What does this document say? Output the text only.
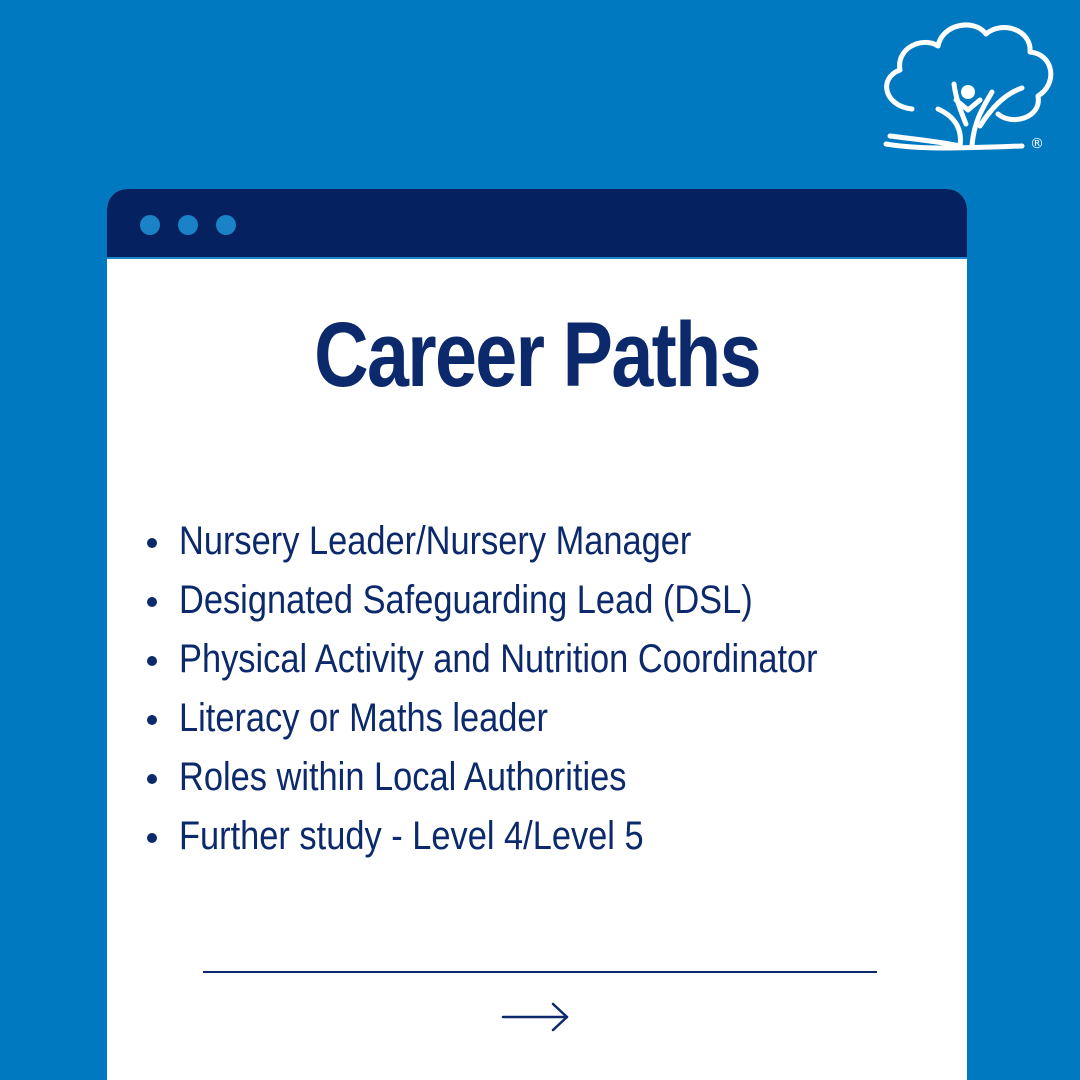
®
Career Paths
Nursery Leader/Nursery Manager
Designated Safeguarding Lead (DSL)
Physical Activity and Nutrition Coordinator
Literacy or Maths leader
Roles within Local Authorities
Further study - Level 4/Level 5
